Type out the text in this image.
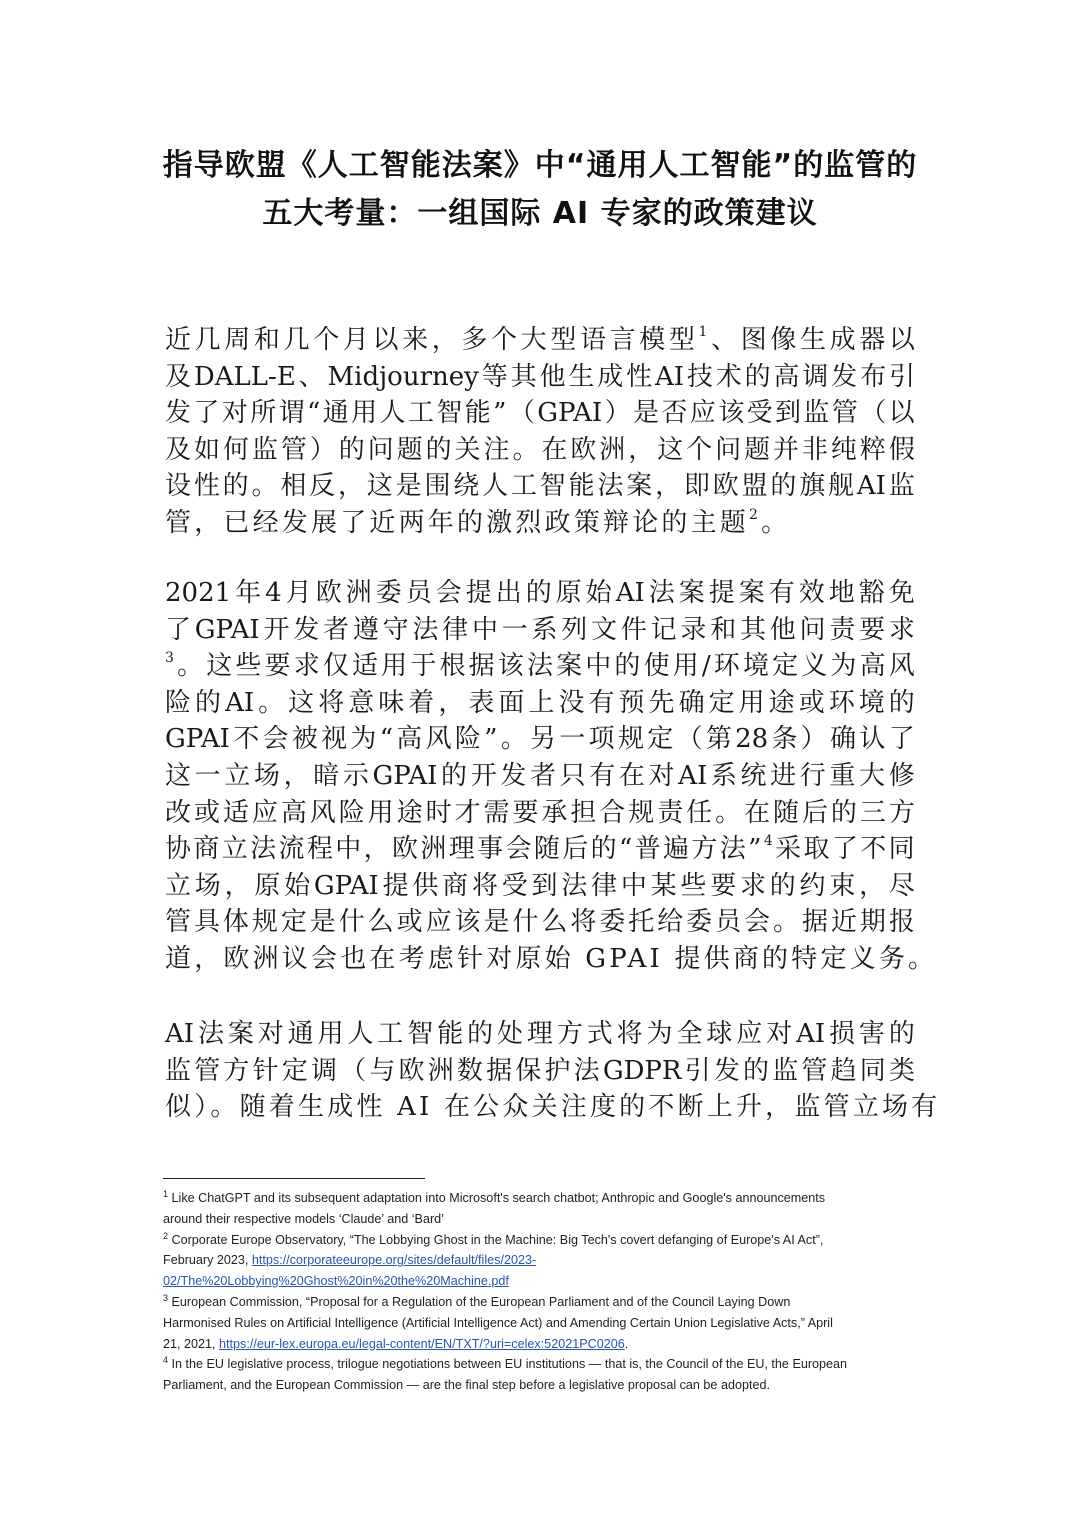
指导欧盟《人工智能法案》中“通用人工智能”的监管的
五大考量：一组国际 AI 专家的政策建议
近 几 周 和 几 个 月 以 来 ， 多 个 大 型 语 言 模 型 1 、 图 像 生 成 器 以
及 DALL-E 、 Midjourney 等 其 他 生 成 性 AI 技 术 的 高 调 发 布 引
发 了 对 所 谓 “ 通 用 人 工 智 能 ” （ GPAI ） 是 否 应 该 受 到 监 管 （ 以
及 如 何 监 管 ） 的 问 题 的 关 注 。 在 欧 洲 ， 这 个 问 题 并 非 纯 粹 假
设 性 的 。 相 反 ， 这 是 围 绕 人 工 智 能 法 案 ， 即 欧 盟 的 旗 舰 AI 监
管，已经发展了近两年的激烈政策辩论的主题 2 。
2021 年 4 月 欧 洲 委 员 会 提 出 的 原 始 AI 法 案 提 案 有 效 地 豁 免
了 GPAI 开 发 者 遵 守 法 律 中 一 系 列 文 件 记 录 和 其 他 问 责 要 求
3 。 这 些 要 求 仅 适 用 于 根 据 该 法 案 中 的 使 用 / 环 境 定 义 为 高 风
险 的 AI 。 这 将 意 味 着 ， 表 面 上 没 有 预 先 确 定 用 途 或 环 境 的
GPAI 不 会 被 视 为 “ 高 风 险 ” 。 另 一 项 规 定 （ 第 28 条 ） 确 认 了
这 一 立 场 ， 暗 示 GPAI 的 开 发 者 只 有 在 对 AI 系 统 进 行 重 大 修
改 或 适 应 高 风 险 用 途 时 才 需 要 承 担 合 规 责 任 。 在 随 后 的 三 方
协 商 立 法 流 程 中 ， 欧 洲 理 事 会 随 后 的 “ 普 遍 方 法 ” 4 采 取 了 不 同
立 场 ， 原 始 GPAI 提 供 商 将 受 到 法 律 中 某 些 要 求 的 约 束 ， 尽
管 具 体 规 定 是 什 么 或 应 该 是 什 么 将 委 托 给 委 员 会 。 据 近 期 报
道，欧洲议会也在考虑针对原始 GPAI 提供商的特定义务。
AI 法 案 对 通 用 人 工 智 能 的 处 理 方 式 将 为 全 球 应 对 AI 损 害 的
监 管 方 针 定 调 （ 与 欧 洲 数 据 保 护 法 GDPR 引 发 的 监 管 趋 同 类
似）。随着生成性 AI 在公众关注度的不断上升，监管立场有
$^1$ Like ChatGPT and its subsequent adaptation into Microsoft's search chatbot; Anthropic and Google's announcements
around their respective models ‘Claude’ and ‘Bard’
$^2$ Corporate Europe Observatory, “The Lobbying Ghost in the Machine: Big Tech's covert defanging of Europe's AI Act”,
February 2023, https://corporateeurope.org/sites/default/files/2023-
02/The%20Lobbying%20Ghost%20in%20the%20Machine.pdf
$^3$ European Commission, “Proposal for a Regulation of the European Parliament and of the Council Laying Down
Harmonised Rules on Artificial Intelligence (Artificial Intelligence Act) and Amending Certain Union Legislative Acts,” April
21, 2021, https://eur-lex.europa.eu/legal-content/EN/TXT/?uri=celex:52021PC0206.
$^4$ In the EU legislative process, trilogue negotiations between EU institutions — that is, the Council of the EU, the European
Parliament, and the European Commission — are the final step before a legislative proposal can be adopted.
